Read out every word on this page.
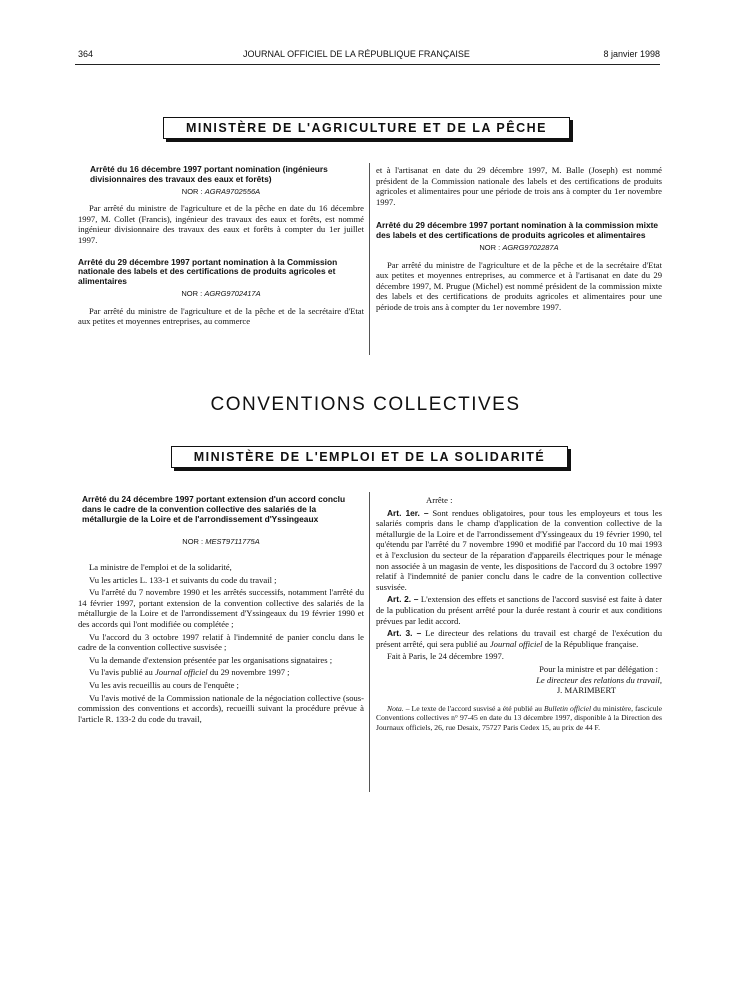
364	JOURNAL OFFICIEL DE LA RÉPUBLIQUE FRANÇAISE	8 janvier 1998
MINISTÈRE DE L'AGRICULTURE ET DE LA PÊCHE

Arrêté du 16 décembre 1997 portant nomination (ingénieurs divisionnaires des travaux des eaux et forêts)

NOR : AGRA9702556A

Par arrêté du ministre de l'agriculture et de la pêche en date du 16 décembre 1997, M. Collet (Francis), ingénieur des travaux des eaux et forêts, est nommé ingénieur divisionnaire des travaux des eaux et forêts à compter du 1er juillet 1997.

Arrêté du 29 décembre 1997 portant nomination à la Commission nationale des labels et des certifications de produits agricoles et alimentaires

NOR : AGRG9702417A

Par arrêté du ministre de l'agriculture et de la pêche et de la secrétaire d'Etat aux petites et moyennes entreprises, au commerce

et à l'artisanat en date du 29 décembre 1997, M. Balle (Joseph) est nommé président de la Commission nationale des labels et des certifications de produits agricoles et alimentaires pour une période de trois ans à compter du 1er novembre 1997.

Arrêté du 29 décembre 1997 portant nomination à la commission mixte des labels et des certifications de produits agricoles et alimentaires

NOR : AGRG9702287A

Par arrêté du ministre de l'agriculture et de la pêche et de la secrétaire d'Etat aux petites et moyennes entreprises, au commerce et à l'artisanat en date du 29 décembre 1997, M. Prugue (Michel) est nommé président de la commission mixte des labels et des certifications de produits agricoles et alimentaires pour une période de trois ans à compter du 1er novembre 1997.

CONVENTIONS COLLECTIVES
MINISTÈRE DE L'EMPLOI ET DE LA SOLIDARITÉ

Arrêté du 24 décembre 1997 portant extension d'un accord conclu dans le cadre de la convention collective des salariés de la métallurgie de la Loire et de l'arrondissement d'Yssingeaux

NOR : MEST9711775A

La ministre de l'emploi et de la solidarité,

Vu les articles L. 133-1 et suivants du code du travail ;

Vu l'arrêté du 7 novembre 1990 et les arrêtés successifs, notamment l'arrêté du 14 février 1997, portant extension de la convention collective des salariés de la métallurgie de la Loire et de l'arrondissement d'Yssingeaux du 19 février 1990 et des accords qui l'ont modifiée ou complétée ;

Vu l'accord du 3 octobre 1997 relatif à l'indemnité de panier conclu dans le cadre de la convention collective susvisée ;

Vu la demande d'extension présentée par les organisations signataires ;

Vu l'avis publié au Journal officiel du 29 novembre 1997 ;

Vu les avis recueillis au cours de l'enquête ;

Vu l'avis motivé de la Commission nationale de la négociation collective (sous-commission des conventions et accords), recueilli suivant la procédure prévue à l'article R. 133-2 du code du travail,

Arrête :

Art. 1er. – Sont rendues obligatoires, pour tous les employeurs et tous les salariés compris dans le champ d'application de la convention collective de la métallurgie de la Loire et de l'arrondissement d'Yssingeaux du 19 février 1990, tel qu'étendu par l'arrêté du 7 novembre 1990 et modifié par l'accord du 10 mai 1993 et à l'exclusion du secteur de la réparation d'appareils électriques pour le ménage non associée à un magasin de vente, les dispositions de l'accord du 3 octobre 1997 relatif à l'indemnité de panier conclu dans le cadre de la convention collective susvisée.

Art. 2. – L'extension des effets et sanctions de l'accord susvisé est faite à dater de la publication du présent arrêté pour la durée restant à courir et aux conditions prévues par ledit accord.

Art. 3. – Le directeur des relations du travail est chargé de l'exécution du présent arrêté, qui sera publié au Journal officiel de la République française.

Fait à Paris, le 24 décembre 1997.

Pour la ministre et par délégation :
Le directeur des relations du travail,
J. MARIMBERT

Nota. – Le texte de l'accord susvisé a été publié au Bulletin officiel du ministère, fascicule Conventions collectives n° 97-45 en date du 13 décembre 1997, disponible à la Direction des Journaux officiels, 26, rue Desaix, 75727 Paris Cedex 15, au prix de 44 F.
